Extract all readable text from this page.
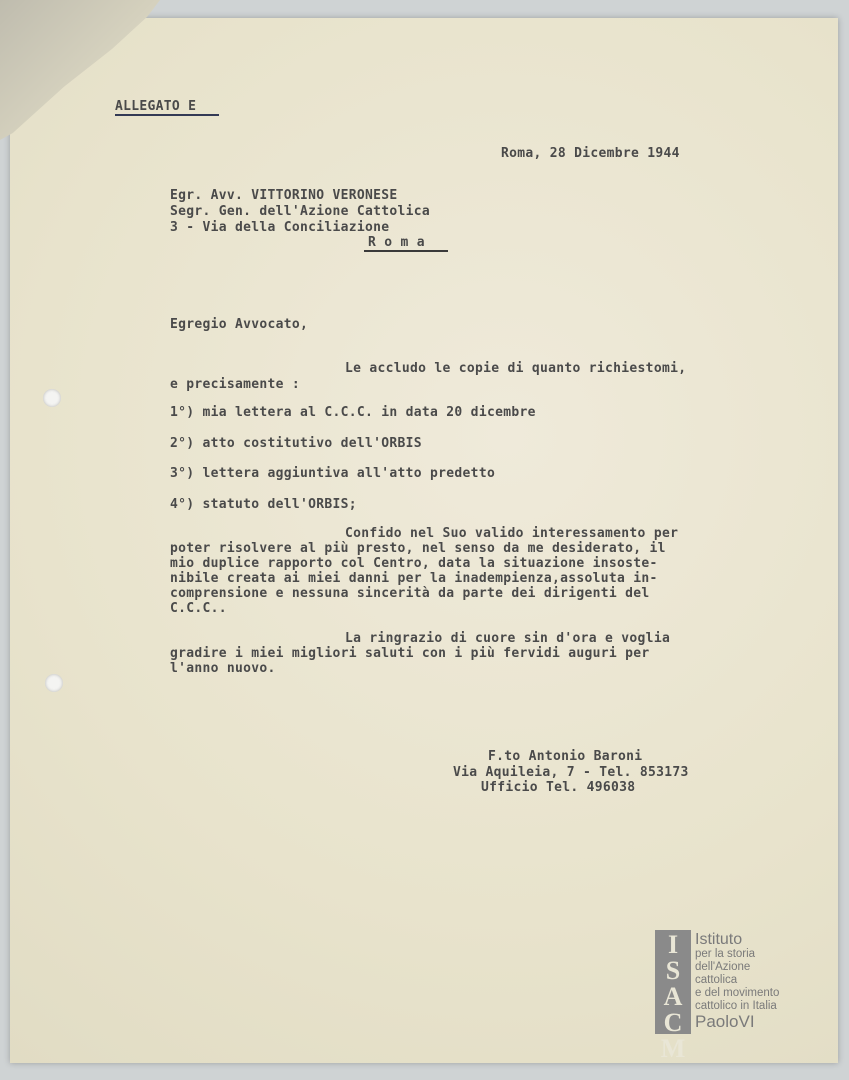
ALLEGATO E
Roma, 28 Dicembre 1944
Egr. Avv. VITTORINO VERONESE
Segr. Gen. dell'Azione Cattolica
3 - Via della Conciliazione
R o m a
Egregio Avvocato,
Le accludo le copie di quanto richiestomi,
e precisamente :
1°) mia lettera al C.C.C. in data 20 dicembre
2°) atto costitutivo dell'ORBIS
3°) lettera aggiuntiva all'atto predetto
4°) statuto dell'ORBIS;
Confido nel Suo valido interessamento per
poter risolvere al più presto, nel senso da me desiderato, il
mio duplice rapporto col Centro, data la situazione insoste-
nibile creata ai miei danni per la inadempienza,assoluta in-
comprensione e nessuna sincerità da parte dei dirigenti del
C.C.C..
La ringrazio di cuore sin d'ora e voglia
gradire i miei migliori saluti con i più fervidi auguri per
l'anno nuovo.
F.to Antonio Baroni
Via Aquileia, 7 - Tel. 853173
Ufficio Tel. 496038
I
S
A
C
M
Istituto
per la storia
dell'Azione cattolica
e del movimento
cattolico in Italia
PaoloVI
